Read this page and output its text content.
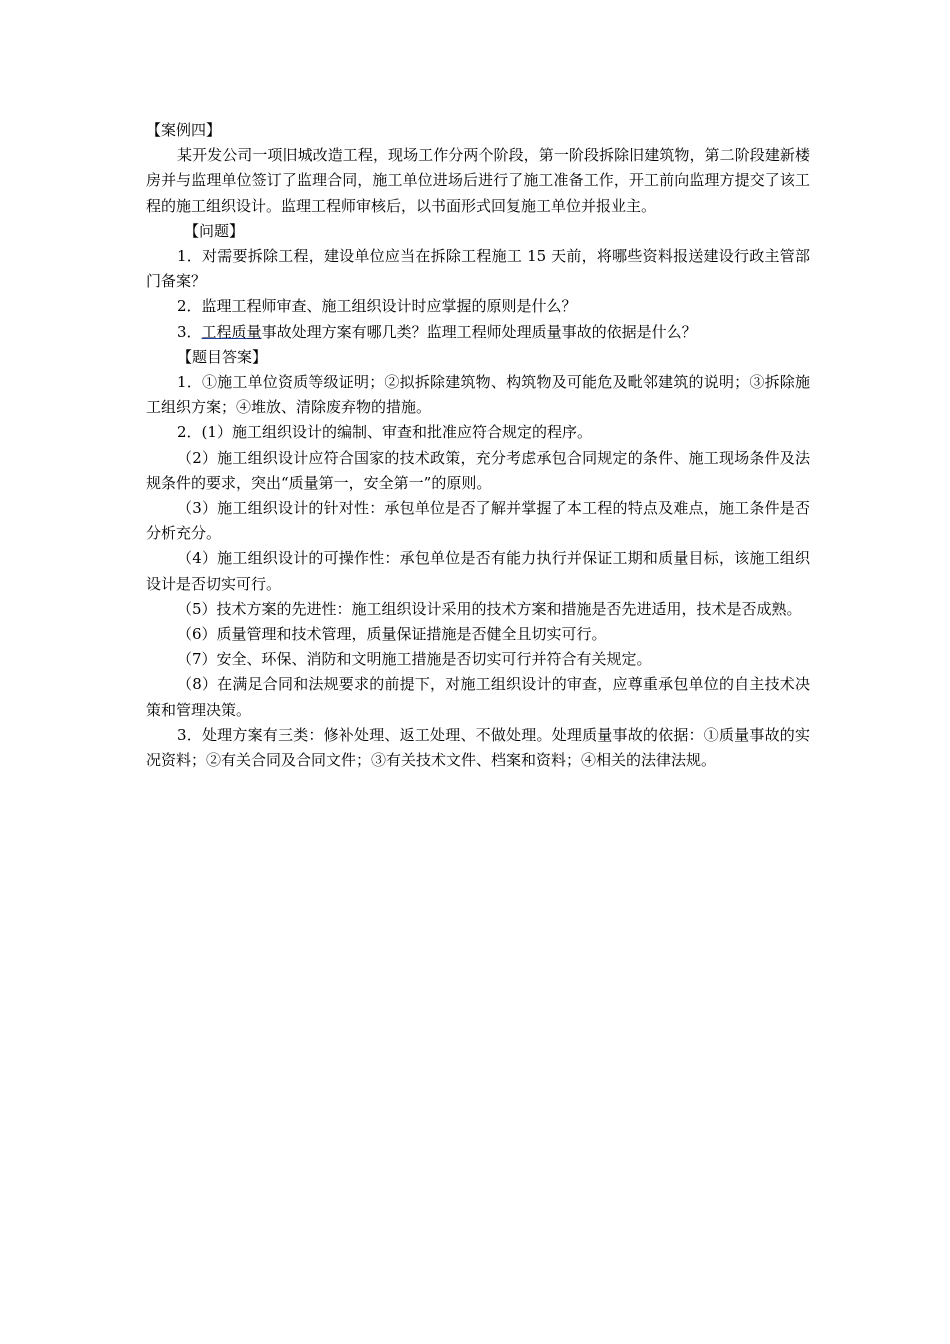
【案例四】

某开发公司一项旧城改造工程，现场工作分两个阶段，第一阶段拆除旧建筑物，第二阶段建新楼房并与监理单位签订了监理合同，施工单位进场后进行了施工准备工作，开工前向监理方提交了该工程的施工组织设计。监理工程师审核后，以书面形式回复施工单位并报业主。

【问题】

1．对需要拆除工程，建设单位应当在拆除工程施工 15 天前，将哪些资料报送建设行政主管部门备案？

2．监理工程师审查、施工组织设计时应掌握的原则是什么？

3．工程质量事故处理方案有哪几类？监理工程师处理质量事故的依据是什么？

【题目答案】

1．①施工单位资质等级证明；②拟拆除建筑物、构筑物及可能危及毗邻建筑的说明；③拆除施工组织方案；④堆放、清除废弃物的措施。

2．(1）施工组织设计的编制、审查和批准应符合规定的程序。

（2）施工组织设计应符合国家的技术政策，充分考虑承包合同规定的条件、施工现场条件及法规条件的要求，突出“质量第一，安全第一”的原则。

（3）施工组织设计的针对性：承包单位是否了解并掌握了本工程的特点及难点，施工条件是否分析充分。

（4）施工组织设计的可操作性：承包单位是否有能力执行并保证工期和质量目标，该施工组织设计是否切实可行。

（5）技术方案的先进性：施工组织设计采用的技术方案和措施是否先进适用，技术是否成熟。

（6）质量管理和技术管理，质量保证措施是否健全且切实可行。

（7）安全、环保、消防和文明施工措施是否切实可行并符合有关规定。

（8）在满足合同和法规要求的前提下，对施工组织设计的审查，应尊重承包单位的自主技术决策和管理决策。

3．处理方案有三类：修补处理、返工处理、不做处理。处理质量事故的依据：①质量事故的实况资料；②有关合同及合同文件；③有关技术文件、档案和资料；④相关的法律法规。
